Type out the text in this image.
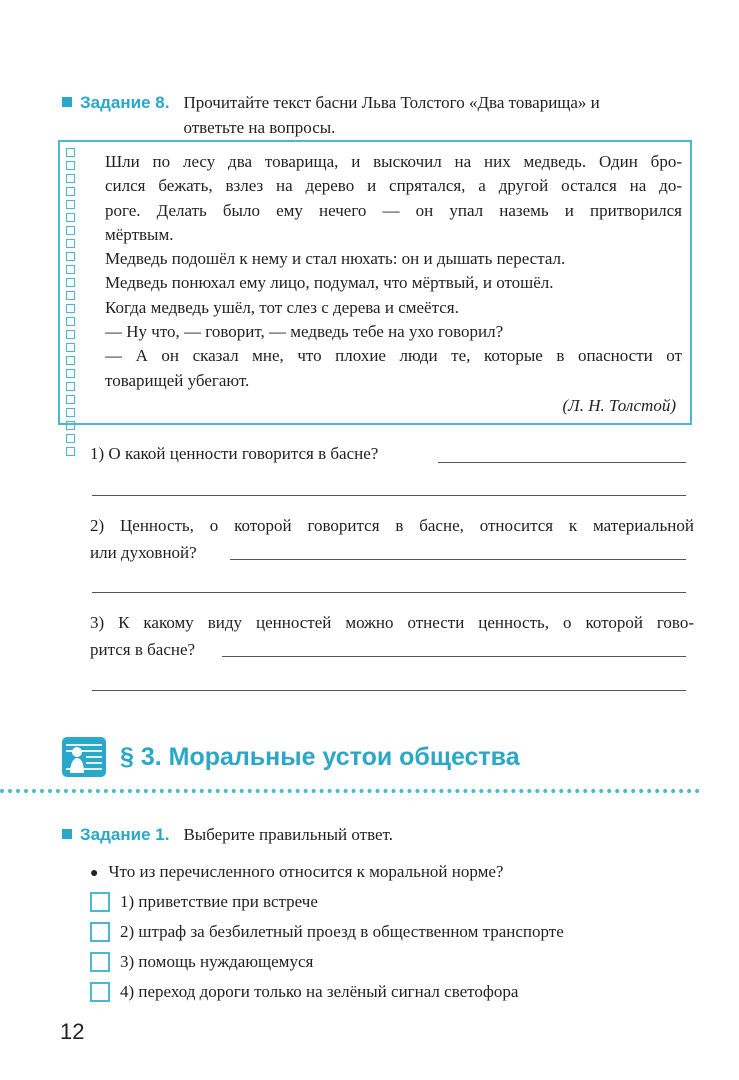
Задание 8. Прочитайте текст басни Льва Толстого «Два товарища» и
ответьте на вопросы.

Шли по лесу два товарища, и выскочил на них медведь. Один бро-

сился бежать, взлез на дерево и спрятался, а другой остался на до-

роге. Делать было ему нечего — он упал наземь и притворился

мёртвым.

Медведь подошёл к нему и стал нюхать: он и дышать перестал.

Медведь понюхал ему лицо, подумал, что мёртвый, и отошёл.

Когда медведь ушёл, тот слез с дерева и смеётся.

— Ну что, — говорит, — медведь тебе на ухо говорил?

— А он сказал мне, что плохие люди те, которые в опасности от

товарищей убегают.

(Л. Н. Толстой)

1) О какой ценности говорится в басне?

2) Ценность, о которой говорится в басне, относится к материальной

или духовной?

3) К какому виду ценностей можно отнести ценность, о которой гово-

рится в басне?

§ 3. Моральные устои общества
Задание 1. Выберите правильный ответ.
● Что из перечисленного относится к моральной норме?
1) приветствие при встрече
2) штраф за безбилетный проезд в общественном транспорте
3) помощь нуждающемуся
4) переход дороги только на зелёный сигнал светофора
12
